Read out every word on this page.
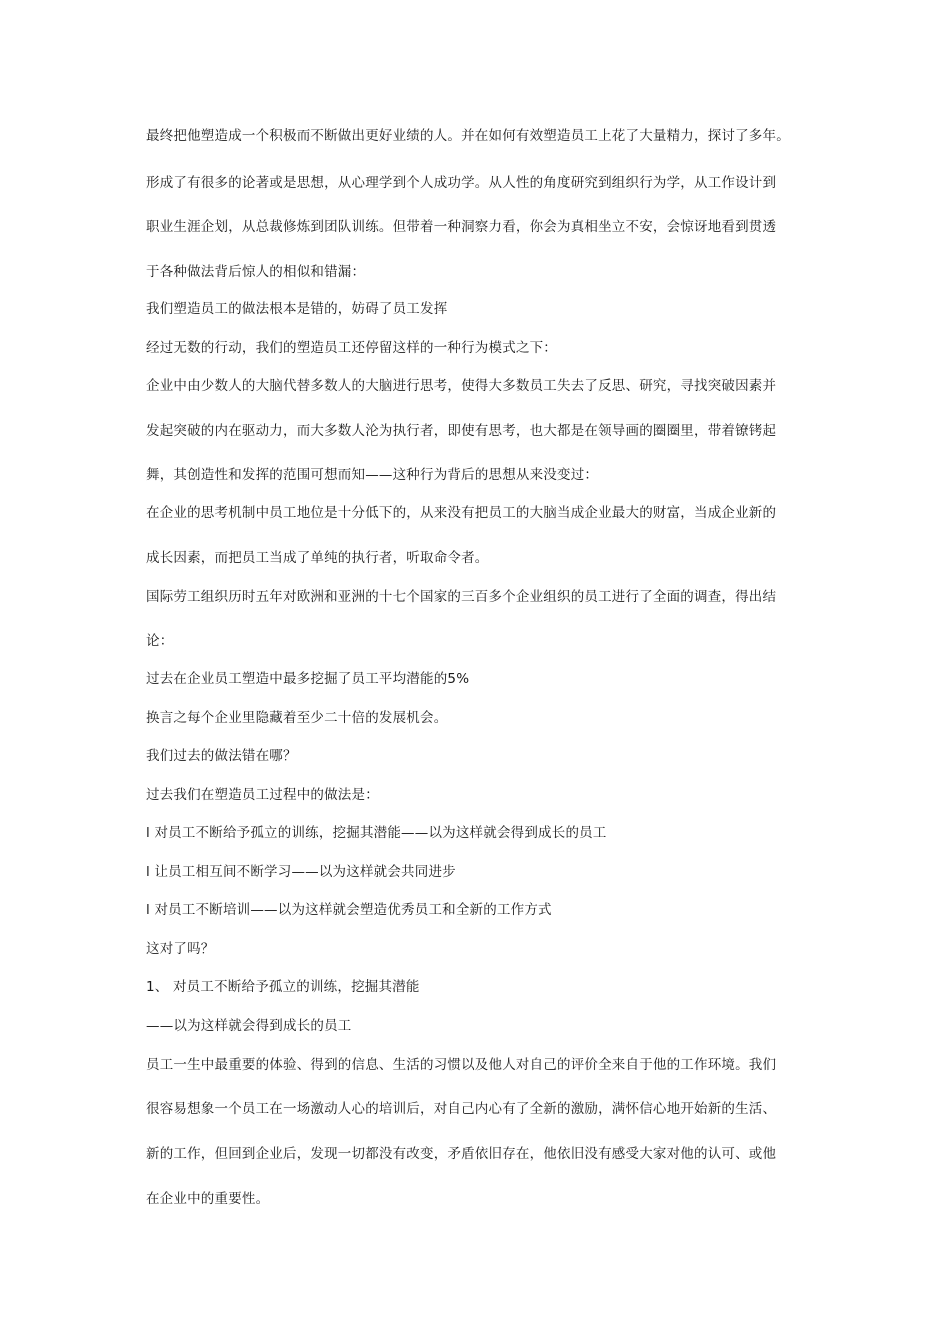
最终把他塑造成一个积极而不断做出更好业绩的人。并在如何有效塑造员工上花了大量精力，探讨了多年。
形成了有很多的论著或是思想，从心理学到个人成功学。从人性的角度研究到组织行为学，从工作设计到
职业生涯企划，从总裁修炼到团队训练。但带着一种洞察力看，你会为真相坐立不安，会惊讶地看到贯透
于各种做法背后惊人的相似和错漏：
我们塑造员工的做法根本是错的，妨碍了员工发挥
经过无数的行动，我们的塑造员工还停留这样的一种行为模式之下：
企业中由少数人的大脑代替多数人的大脑进行思考，使得大多数员工失去了反思、研究，寻找突破因素并
发起突破的内在驱动力，而大多数人沦为执行者，即使有思考，也大都是在领导画的圈圈里，带着镣铐起
舞，其创造性和发挥的范围可想而知——这种行为背后的思想从来没变过：
在企业的思考机制中员工地位是十分低下的，从来没有把员工的大脑当成企业最大的财富，当成企业新的
成长因素，而把员工当成了单纯的执行者，听取命令者。
国际劳工组织历时五年对欧洲和亚洲的十七个国家的三百多个企业组织的员工进行了全面的调查，得出结
论：
过去在企业员工塑造中最多挖掘了员工平均潜能的5%
换言之每个企业里隐藏着至少二十倍的发展机会。
我们过去的做法错在哪？
过去我们在塑造员工过程中的做法是：
l 对员工不断给予孤立的训练，挖掘其潜能——以为这样就会得到成长的员工
l 让员工相互间不断学习——以为这样就会共同进步
l 对员工不断培训——以为这样就会塑造优秀员工和全新的工作方式
这对了吗？
1、 对员工不断给予孤立的训练，挖掘其潜能
——以为这样就会得到成长的员工
员工一生中最重要的体验、得到的信息、生活的习惯以及他人对自己的评价全来自于他的工作环境。我们
很容易想象一个员工在一场激动人心的培训后，对自己内心有了全新的激励，满怀信心地开始新的生活、
新的工作，但回到企业后，发现一切都没有改变，矛盾依旧存在，他依旧没有感受大家对他的认可、或他
在企业中的重要性。
